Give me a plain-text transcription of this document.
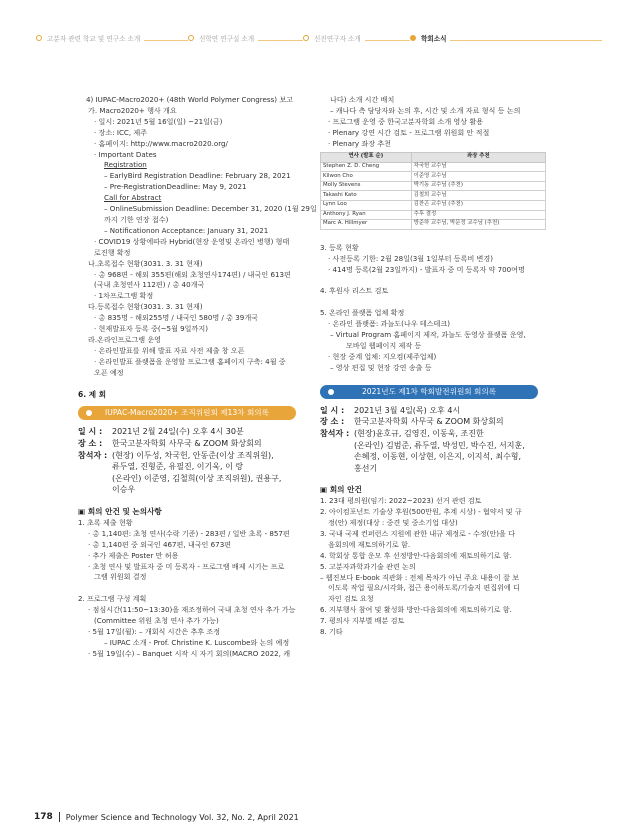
고분자 관련 학교 및 연구소 소개	신학연 연구실 소개	신진연구자 소개	학회소식
4) IUPAC-Macro2020+ (48th World Polymer Congress) 보고
가. Macro2020+ 행사 개요
· 일시: 2021년 5월 16일(일) ~21일(금)
· 장소: ICC, 제주
· 홈페이지: http://www.macro2020.org/
· Important Dates
Registration
– EarlyBird Registration Deadline: February 28, 2021
– Pre-RegistrationDeadline: May 9, 2021
Call for Abstract
– OnlineSubmission Deadline: December 31, 2020 (1월 29일
까지 기한 연장 접수)
– Notificationon Acceptance: January 31, 2021
· COVID19 상황에따라 Hybrid(현장 운영및 온라인 병행) 형태
로진행 확정
나.초록접수 현황(3031. 3. 31 현재)
· 총 968편 - 해외 355편(해외 초청연사174편) / 내국인 613편
(국내 초청연사 112편) / 총 40개국
· 1차프로그램 확정
다.등록접수 현황(3031. 3. 31 현재)
· 총 835명 - 해외255명 / 내국인 580명 / 총 39개국
· 현재발표자 등록 중(~5월 9일까지)
라.온라인프로그램 운영
· 온라인발표를 위해 발표 자료 사전 제출 창 오픈
· 온라인발표 플랫폼을 운영할 프로그램 홈페이지 구축: 4월 중
오픈 예정
6. 제 회
IUPAC-Macro2020+ 조직위원회 제13차 회의록
일 시 : 2021년 2월 24일(수) 오후 4시 30분
장 소 : 한국고분자학회 사무국 & ZOOM 화상회의
참석자 : (현장) 이두성, 차국헌, 안동준(이상 조직위원),
류두열, 진형준, 유필진, 이기욱, 이 랑
(온라인) 이준영, 김철희(이상 조직위원), 권용구,
이승우
▣ 회의 안건 및 논의사항
1. 초록 제출 현황
· 총 1,140편: 초청 연사(수락 기준) - 283편 / 일반 초록 - 857편
· 총 1,140편 중 외국인 467편, 내국인 673편
· 추가 제출은 Poster 만 허용
· 초청 연사 및 발표자 중 미 등록자 - 프로그램 배제 시기는 프로
그램 위원회 결정
2. 프로그램 구성 계획
· 점심시간(11:50~13:30)을 재조정하여 국내 초청 연사 추가 가능
(Committee 위원 초청 연사 추가 가능)
· 5월 17일(월): – 개회식 시간은 추후 조정
– IUPAC 소개 - Prof. Christine K. Luscombe와 논의 예정
· 5월 19일(수) – Banquet 시작 시 자기 회의(MACRO 2022, 캐
나다) 소개 시간 배치
– 캐나다 측 담당자와 논의 후, 시간 및 소개 자료 형식 등 논의
· 프로그램 운영 중 한국고분자학회 소개 영상 활용
· Plenary 강연 시간 검토 - 프로그램 위원회 안 적절
· Plenary 좌장 추천
연사 (발표 순)	좌장 추천
Stephen Z. D. Cheng	차국헌 교수님
Kilwon Cho	이준영 교수님
Molly Stevens	박기동 교수님 (추천)
Takashi Kato	김철희 교수님
Lynn Loo	김찬곤 교수님 (추천)
Anthony J. Ryan	추후 결정
Marc A. Hillmyer	방준하 교수님, 박문정 교수님 (추천)
3. 등록 현황
· 사전등록 기한: 2월 28일(3월 1일부터 등록비 변경)
· 414명 등록(2월 23일까지) - 발표자 중 미 등록자 약 700여명
4. 후원사 리스트 검토
5. 온라인 플랫폼 업체 확정
· 온라인 플랫폼: 과늘도(나우 테스테크)
– Virtual Program 홈페이지 제작, 과늘도 동영상 플랫폼 운영,
모바일 웹페이지 제작 등
· 현장 중계 업체: 지오컴(제주업체)
– 영상 편집 및 현장 강연 송출 등
2021년도 제1차 학회발전위원회 회의록
일 시 : 2021년 3월 4일(목) 오후 4시
장 소 : 한국고분자학회 사무국 & ZOOM 화상회의
참석자 : (현장)윤호규, 김영진, 이동욱, 조진한
(온라인) 김범준, 류두열, 박성민, 박수진, 서지훈,
손혜정, 이동현, 이상현, 이은지, 이지석, 최수형,
홍선기
▣ 회의 안건
1. 23대 평의원(임기: 2022~2023) 선거 관련 검토
2. 아이컴포넌트 기술상 후원(500만원, 추계 시상) - 협약서 및 규
정(안) 제정(대상 : 중견 및 중소기업 대상)
3. 국내 국제 컨퍼런스 지원에 관한 내규 제정로 - 수정(안)을 다
음회의에 재토의하기로 함.
4. 학회상 통합 운모 후 선정방안-다음회의에 재토의하기로 함.
5. 고분자과학과기술 관련 논의
– 웹진보다 E-book 직관화 : 전체 목차가 아닌 주요 내용이 잘 보
이도록 작업 필요/시각화, 접근 용이하도록/기술지 편집위에 디
자인 검토 요청
6. 지부행사 참여 및 활성화 방안-다음회의에 재토의하기로 함.
7. 평의사 지부별 배분 검토
8. 기타
178 Polymer Science and Technology Vol. 32, No. 2, April 2021
